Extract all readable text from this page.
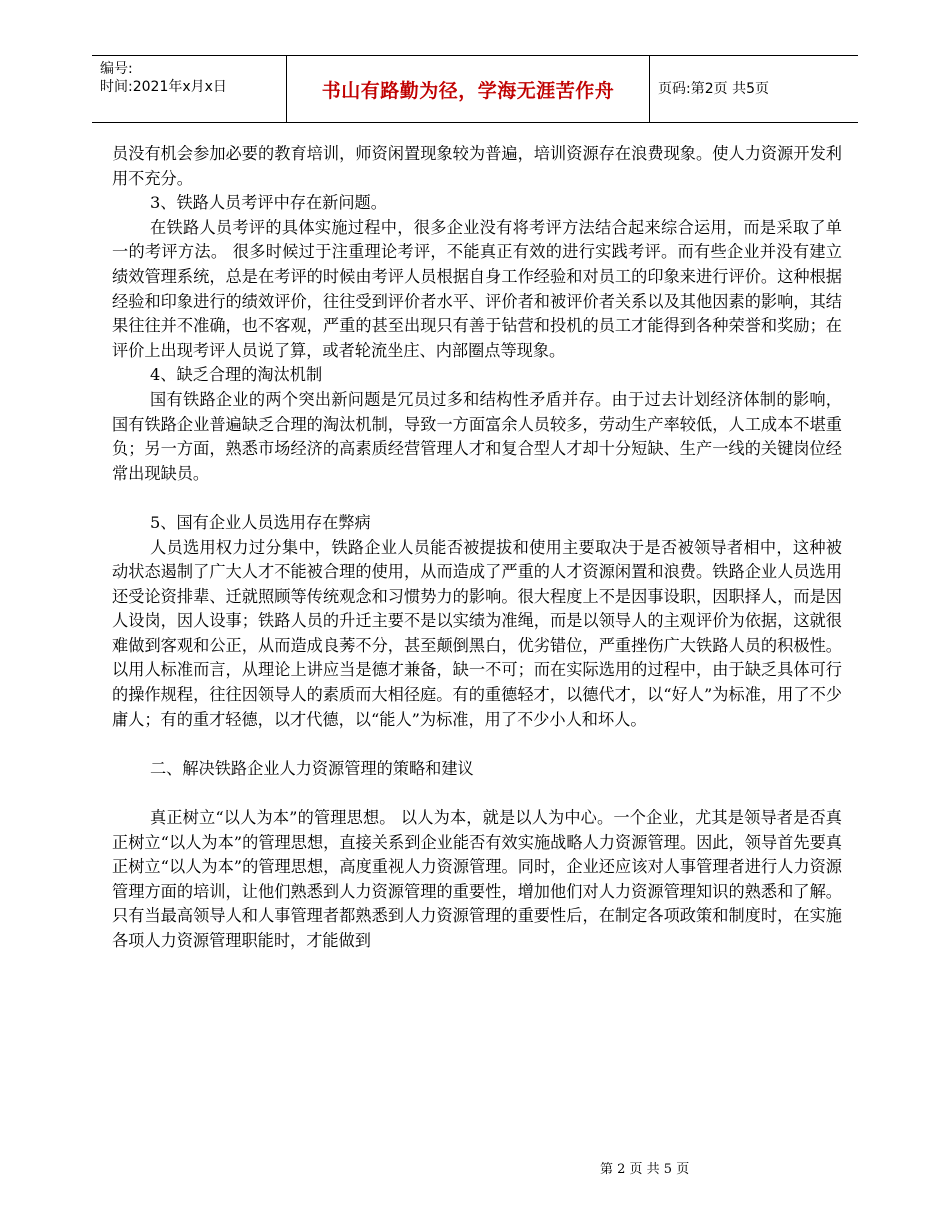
编号:
时间:2021年x月x日	书山有路勤为径，学海无涯苦作舟	页码:第2页 共5页

员没有机会参加必要的教育培训，师资闲置现象较为普遍，培训资源存在浪费现象。使人力资源开发利用不充分。

3、铁路人员考评中存在新问题。

在铁路人员考评的具体实施过程中，很多企业没有将考评方法结合起来综合运用，而是采取了单一的考评方法。 很多时候过于注重理论考评，不能真正有效的进行实践考评。而有些企业并没有建立绩效管理系统，总是在考评的时候由考评人员根据自身工作经验和对员工的印象来进行评价。这种根据经验和印象进行的绩效评价，往往受到评价者水平、评价者和被评价者关系以及其他因素的影响，其结果往往并不准确，也不客观，严重的甚至出现只有善于钻营和投机的员工才能得到各种荣誉和奖励；在评价上出现考评人员说了算，或者轮流坐庄、内部圈点等现象。

4、缺乏合理的淘汰机制

国有铁路企业的两个突出新问题是冗员过多和结构性矛盾并存。由于过去计划经济体制的影响，国有铁路企业普遍缺乏合理的淘汰机制，导致一方面富余人员较多，劳动生产率较低，人工成本不堪重负；另一方面，熟悉市场经济的高素质经营管理人才和复合型人才却十分短缺、生产一线的关键岗位经常出现缺员。

5、国有企业人员选用存在弊病

人员选用权力过分集中，铁路企业人员能否被提拔和使用主要取决于是否被领导者相中，这种被动状态遏制了广大人才不能被合理的使用，从而造成了严重的人才资源闲置和浪费。铁路企业人员选用还受论资排辈、迁就照顾等传统观念和习惯势力的影响。很大程度上不是因事设职，因职择人，而是因人设岗，因人设事；铁路人员的升迁主要不是以实绩为准绳，而是以领导人的主观评价为依据，这就很难做到客观和公正，从而造成良莠不分，甚至颠倒黑白，优劣错位，严重挫伤广大铁路人员的积极性。 以用人标准而言，从理论上讲应当是德才兼备，缺一不可；而在实际选用的过程中，由于缺乏具体可行的操作规程，往往因领导人的素质而大相径庭。有的重德轻才，以德代才，以“好人”为标准，用了不少庸人；有的重才轻德，以才代德，以“能人”为标准，用了不少小人和坏人。

二、解决铁路企业人力资源管理的策略和建议

真正树立“以人为本”的管理思想。 以人为本，就是以人为中心。一个企业，尤其是领导者是否真正树立“以人为本”的管理思想，直接关系到企业能否有效实施战略人力资源管理。因此，领导首先要真正树立“以人为本”的管理思想，高度重视人力资源管理。同时，企业还应该对人事管理者进行人力资源管理方面的培训，让他们熟悉到人力资源管理的重要性，增加他们对人力资源管理知识的熟悉和了解。只有当最高领导人和人事管理者都熟悉到人力资源管理的重要性后，在制定各项政策和制度时，在实施各项人力资源管理职能时，才能做到

第 2 页 共 5 页
